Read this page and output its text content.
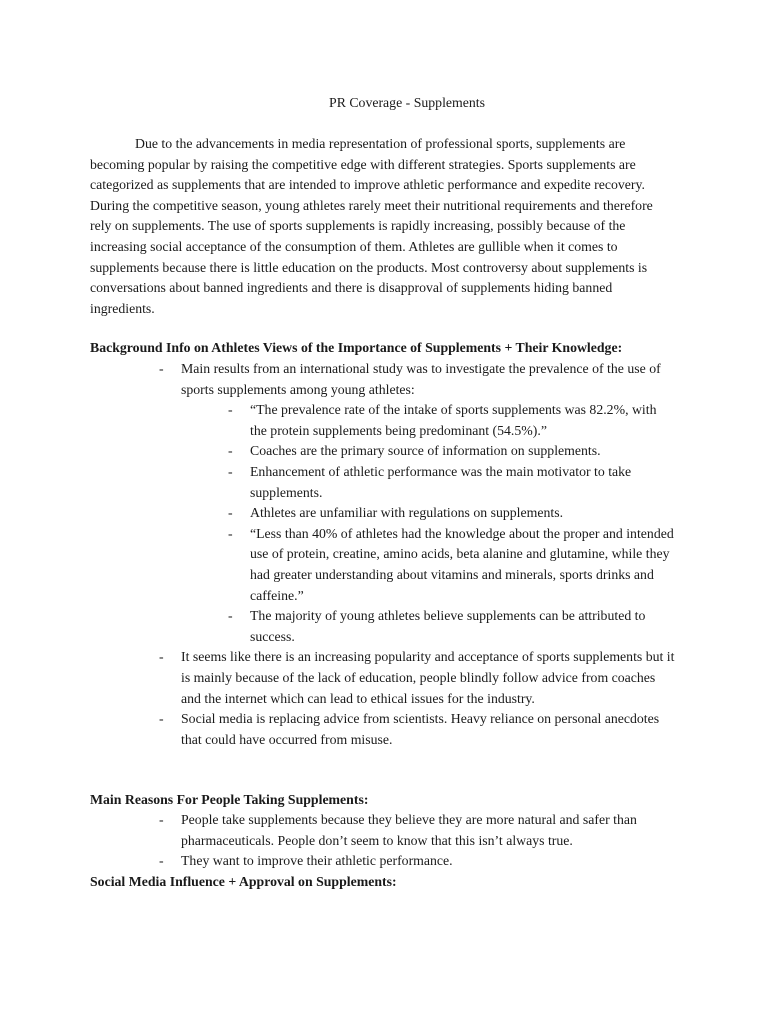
PR Coverage - Supplements

Due to the advancements in media representation of professional sports, supplements are becoming popular by raising the competitive edge with different strategies. Sports supplements are categorized as supplements that are intended to improve athletic performance and expedite recovery. During the competitive season, young athletes rarely meet their nutritional requirements and therefore rely on supplements. The use of sports supplements is rapidly increasing, possibly because of the increasing social acceptance of the consumption of them. Athletes are gullible when it comes to supplements because there is little education on the products. Most controversy about supplements is conversations about banned ingredients and there is disapproval of supplements hiding banned ingredients.

Background Info on Athletes Views of the Importance of Supplements + Their Knowledge:
- Main results from an international study was to investigate the prevalence of the use of sports supplements among young athletes:
- “The prevalence rate of the intake of sports supplements was 82.2%, with the protein supplements being predominant (54.5%).”
- Coaches are the primary source of information on supplements.
- Enhancement of athletic performance was the main motivator to take supplements.
- Athletes are unfamiliar with regulations on supplements.
- “Less than 40% of athletes had the knowledge about the proper and intended use of protein, creatine, amino acids, beta alanine and glutamine, while they had greater understanding about vitamins and minerals, sports drinks and caffeine.”
- The majority of young athletes believe supplements can be attributed to success.
- It seems like there is an increasing popularity and acceptance of sports supplements but it is mainly because of the lack of education, people blindly follow advice from coaches and the internet which can lead to ethical issues for the industry.
- Social media is replacing advice from scientists. Heavy reliance on personal anecdotes that could have occurred from misuse.
Main Reasons For People Taking Supplements:
- People take supplements because they believe they are more natural and safer than pharmaceuticals. People don’t seem to know that this isn’t always true.
- They want to improve their athletic performance.
Social Media Influence + Approval on Supplements:
